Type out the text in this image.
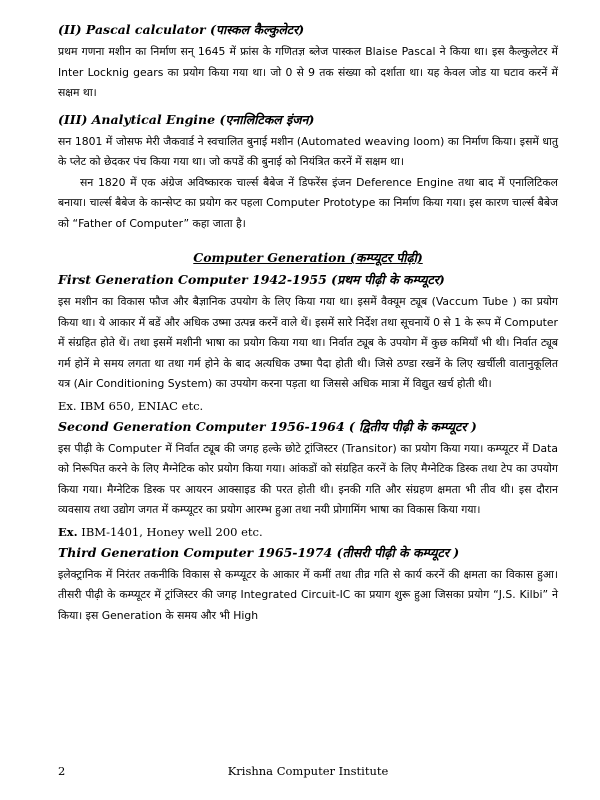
(II) Pascal calculator (पास्कल कैल्कुलेटर)

प्रथम गणना मशीन का निर्माण सन् 1645 में फ्रांस के गणितज्ञ ब्लेज पास्कल Blaise Pascal ने किया था। इस कैल्कुलेटर में Inter Locknig gears का प्रयोग किया गया था। जो 0 से 9 तक संख्या को दर्शाता था। यह केवल जोड या घटाव करनें में सक्षम था।

(III) Analytical Engine (एनालिटिकल इंजन)

सन 1801 में जोसफ मेरी जैकवार्ड ने स्वचालित बुनाई मशीन (Automated weaving loom) का निर्माण किया। इसमें धातु के प्लेट को छेदकर पंच किया गया था। जो कपडें की बुनाई को नियंत्रित करनें में सक्षम था।

सन 1820 में एक अंग्रेज अविष्कारक चार्ल्स बैबेज नें डिफरेंस इंजन Deference Engine तथा बाद में एनालिटिकल बनाया। चार्ल्स बैबेज के कान्सेप्ट का प्रयोग कर पहला Computer Prototype का निर्माण किया गया। इस कारण चार्ल्स बैबेज को “Father of Computer” कहा जाता है।

Computer Generation (कम्प्यूटर पीढ़ी)
First Generation Computer 1942-1955 (प्रथम पीढ़ी के कम्प्यूटर)

इस मशीन का विकास फौज और बैज्ञानिक उपयोग के लिए किया गया था। इसमें वैक्यूम ट्यूब (Vaccum Tube ) का प्रयोग किया था। ये आकार में बडें और अधिक उष्मा उत्पन्न करनें वाले थें। इसमें सारे निर्देश तथा सूचनायें 0 से 1 के रूप में Computer में संग्रहित होते थें। तथा इसमें मशीनी भाषा का प्रयोग किया गया था। निर्वात ट्यूब के उपयोग में कुछ कमियाँ भी थी। निर्वात ट्यूब गर्म होनें मे समय लगता था तथा गर्म होने के बाद अत्यधिक उष्मा पैदा होती थी। जिसे ठण्डा रखनें के लिए खर्चीली वातानुकूलित यत्र (Air Conditioning System) का उपयोग करना पड़ता था जिससे अधिक मात्रा में विद्युत खर्च होती थी।

Ex. IBM 650, ENIAC etc.

Second Generation Computer 1956-1964 ( द्वितीय पीढ़ी के कम्प्यूटर )

इस पीढ़ी के Computer में निर्वात ट्यूब की जगह हल्के छोटे ट्रांजिस्टर (Transitor) का प्रयोग किया गया। कम्प्यूटर में Data को निरूपित करने के लिए मैग्नेटिक कोर प्रयोग किया गया। आंकडों को संग्रहित करनें के लिए मैग्नेटिक डिस्क तथा टेप का उपयोग किया गया। मैग्नेटिक डिस्क पर आयरन आक्साइड की परत होती थी। इनकी गति और संग्रहण क्षमता भी तीव थी। इस दौरान व्यवसाय तथा उद्योग जगत में कम्प्यूटर का प्रयोग आरम्भ हुआ तथा नयी प्रोगामिंग भाषा का विकास किया गया।

Ex. IBM-1401, Honey well 200 etc.

Third Generation Computer 1965-1974 (तीसरी पीढ़ी के कम्प्यूटर )

इलेक्ट्रानिक में निरंतर तकनीकि विकास से कम्प्यूटर के आकार में कमीं तथा तीव्र गति से कार्य करनें की क्षमता का विकास हुआ। तीसरी पीढ़ी के कम्प्यूटर में ट्रांजिस्टर की जगह Integrated Circuit-IC का प्रयाग शुरू हुआ जिसका प्रयोग “J.S. Kilbi” ने किया। इस Generation के समय और भी High

2	Krishna Computer Institute
